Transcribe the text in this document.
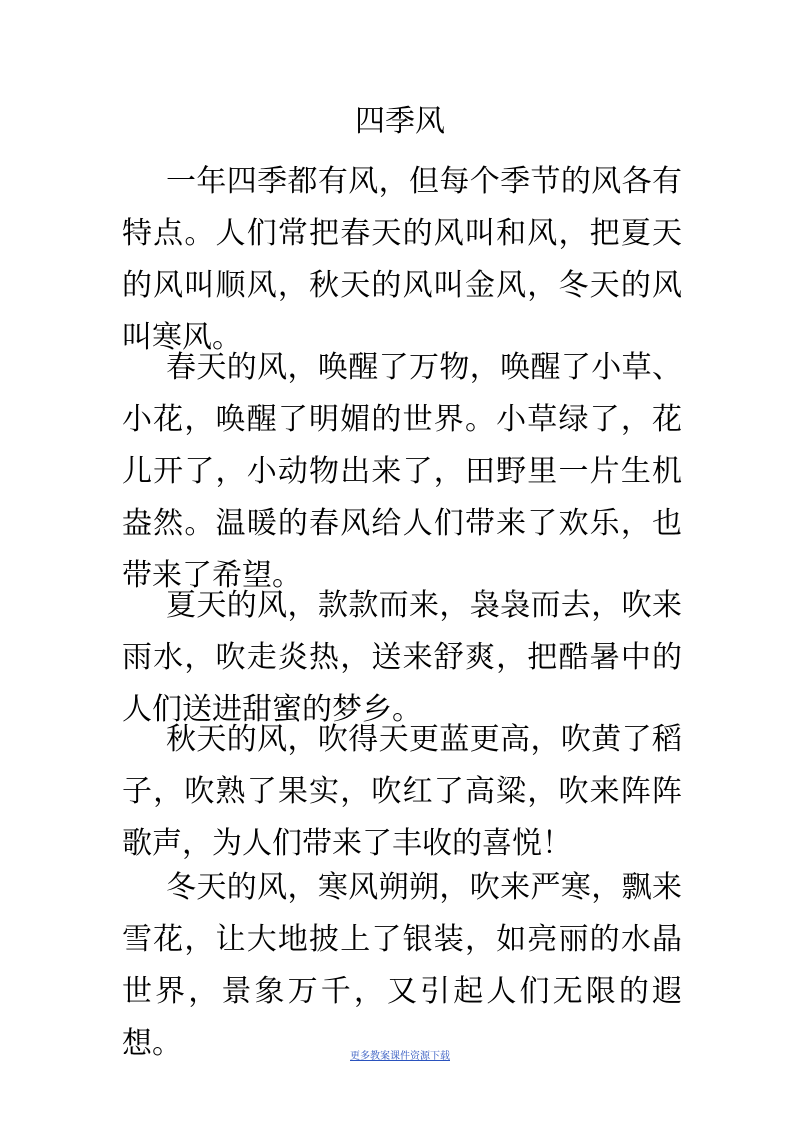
四季风

一年四季都有风，但每个季节的风各有特点。人们常把春天的风叫和风，把夏天的风叫顺风，秋天的风叫金风，冬天的风叫寒风。

春天的风，唤醒了万物，唤醒了小草、小花，唤醒了明媚的世界。小草绿了，花儿开了，小动物出来了，田野里一片生机盎然。温暖的春风给人们带来了欢乐，也带来了希望。

夏天的风，款款而来，袅袅而去，吹来雨水，吹走炎热，送来舒爽，把酷暑中的人们送进甜蜜的梦乡。

秋天的风，吹得天更蓝更高，吹黄了稻子，吹熟了果实，吹红了高粱，吹来阵阵歌声，为人们带来了丰收的喜悦！

冬天的风，寒风朔朔，吹来严寒，飘来雪花，让大地披上了银装，如亮丽的水晶世界，景象万千，又引起人们无限的遐想。	更多教案课件资源下载
